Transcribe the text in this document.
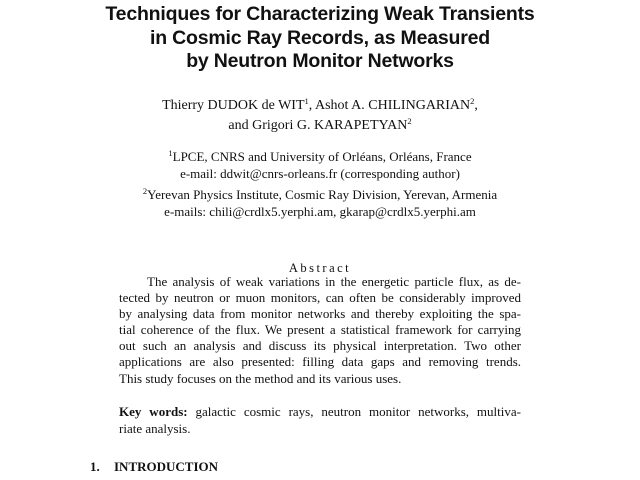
Techniques for Characterizing Weak Transients
in Cosmic Ray Records, as Measured
by Neutron Monitor Networks
Thierry DUDOK de WIT$^1$, Ashot A. CHILINGARIAN$^2$,
and Grigori G. KARAPETYAN$^2$
$^1$LPCE, CNRS and University of Orléans, Orléans, France
e-mail: ddwit@cnrs-orleans.fr (corresponding author)
$^2$Yerevan Physics Institute, Cosmic Ray Division, Yerevan, Armenia
e-mails: chili@crdlx5.yerphi.am, gkarap@crdlx5.yerphi.am
Abstract
The analysis of weak variations in the energetic particle flux, as de-
tected by neutron or muon monitors, can often be considerably improved
by analysing data from monitor networks and thereby exploiting the spa-
tial coherence of the flux. We present a statistical framework for carrying
out such an analysis and discuss its physical interpretation. Two other
applications are also presented: filling data gaps and removing trends.
This study focuses on the method and its various uses.
Key words: galactic cosmic rays, neutron monitor networks, multiva-
riate analysis.
1. INTRODUCTION
